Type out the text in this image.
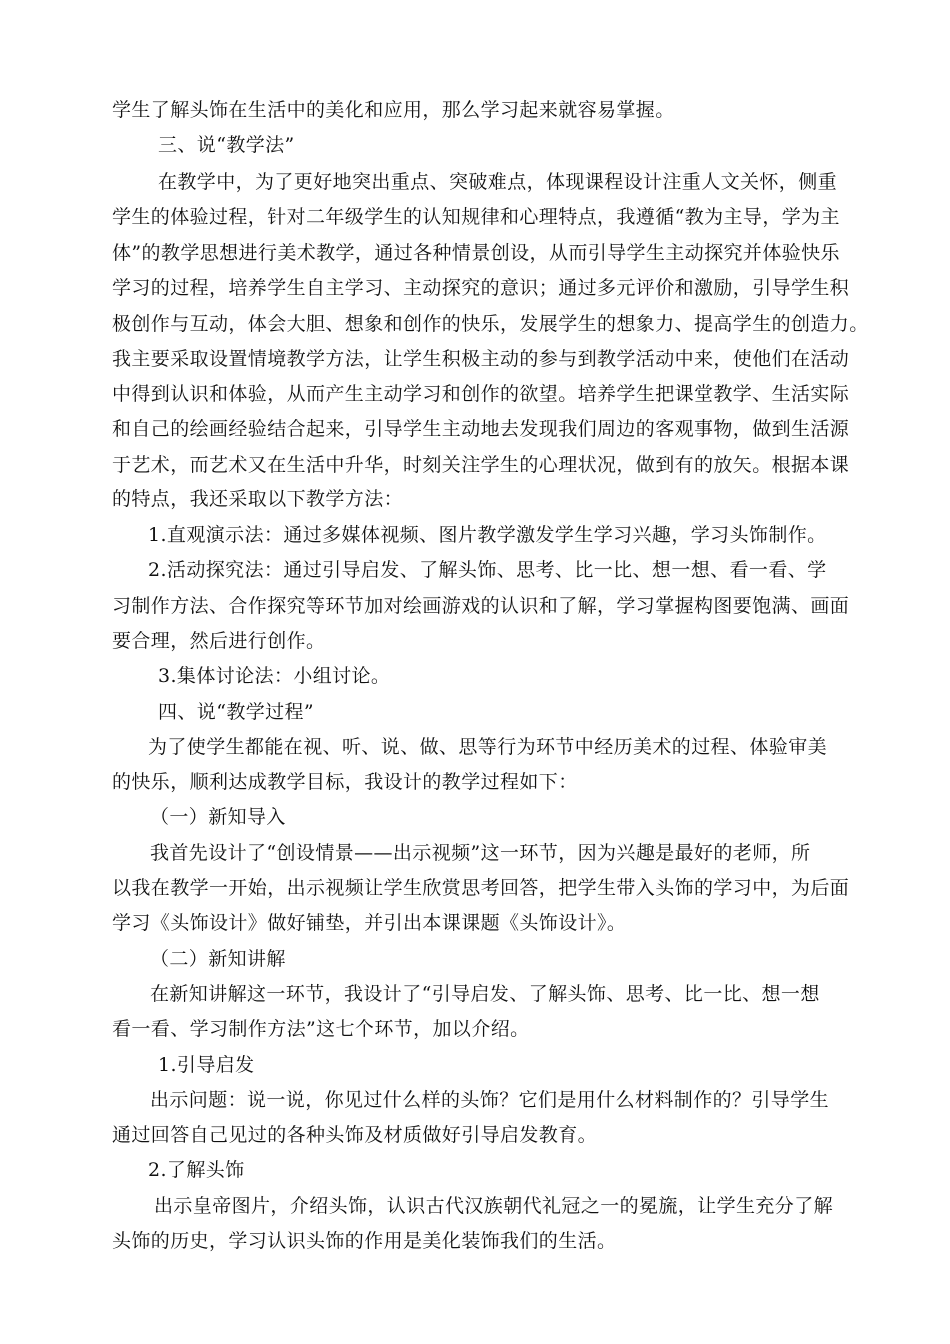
学生了解头饰在生活中的美化和应用，那么学习起来就容易掌握。
三、说“教学法”
在教学中，为了更好地突出重点、突破难点，体现课程设计注重人文关怀，侧重
学生的体验过程，针对二年级学生的认知规律和心理特点，我遵循“教为主导，学为主
体”的教学思想进行美术教学，通过各种情景创设，从而引导学生主动探究并体验快乐
学习的过程，培养学生自主学习、主动探究的意识；通过多元评价和激励，引导学生积
极创作与互动，体会大胆、想象和创作的快乐，发展学生的想象力、提高学生的创造力。
我主要采取设置情境教学方法，让学生积极主动的参与到教学活动中来，使他们在活动
中得到认识和体验，从而产生主动学习和创作的欲望。培养学生把课堂教学、生活实际
和自己的绘画经验结合起来，引导学生主动地去发现我们周边的客观事物，做到生活源
于艺术，而艺术又在生活中升华，时刻关注学生的心理状况，做到有的放矢。根据本课
的特点，我还采取以下教学方法：
1.直观演示法：通过多媒体视频、图片教学激发学生学习兴趣，学习头饰制作。
2.活动探究法：通过引导启发、了解头饰、思考、比一比、想一想、看一看、学
习制作方法、合作探究等环节加对绘画游戏的认识和了解，学习掌握构图要饱满、画面
要合理，然后进行创作。
3.集体讨论法：小组讨论。
四、说“教学过程”
为了使学生都能在视、听、说、做、思等行为环节中经历美术的过程、体验审美
的快乐，顺利达成教学目标，我设计的教学过程如下：
（一）新知导入
我首先设计了“创设情景——出示视频”这一环节，因为兴趣是最好的老师，所
以我在教学一开始，出示视频让学生欣赏思考回答，把学生带入头饰的学习中，为后面
学习《头饰设计》做好铺垫，并引出本课课题《头饰设计》。
（二）新知讲解
在新知讲解这一环节，我设计了“引导启发、了解头饰、思考、比一比、想一想
看一看、学习制作方法”这七个环节，加以介绍。
1.引导启发
出示问题：说一说，你见过什么样的头饰？它们是用什么材料制作的？引导学生
通过回答自己见过的各种头饰及材质做好引导启发教育。
2.了解头饰
出示皇帝图片，介绍头饰，认识古代汉族朝代礼冠之一的冕旒，让学生充分了解
头饰的历史，学习认识头饰的作用是美化装饰我们的生活。
